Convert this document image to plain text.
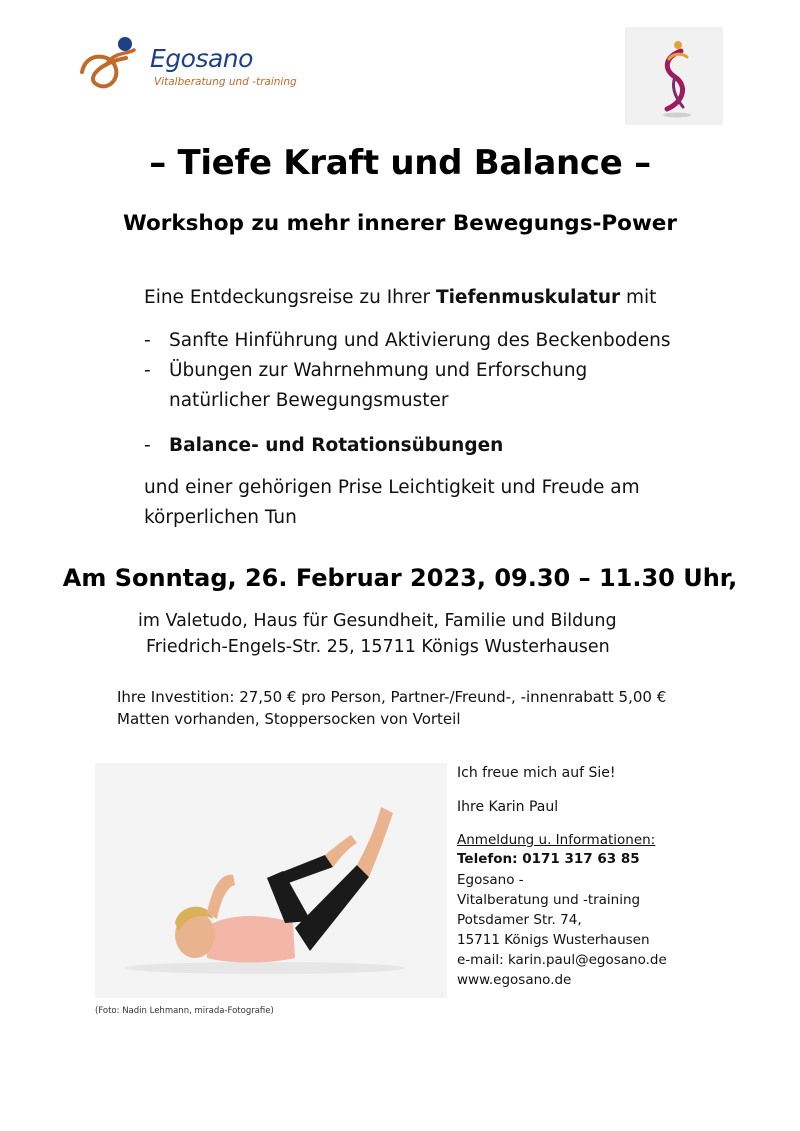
Egosano
Vitalberatung und -training
– Tiefe Kraft und Balance –
Workshop zu mehr innerer Bewegungs-Power
Eine Entdeckungsreise zu Ihrer Tiefenmuskulatur mit
- Sanfte Hinführung und Aktivierung des Beckenbodens
- Übungen zur Wahrnehmung und Erforschung
natürlicher Bewegungsmuster
- Balance- und Rotationsübungen
und einer gehörigen Prise Leichtigkeit und Freude am
körperlichen Tun
Am Sonntag, 26. Februar 2023, 09.30 – 11.30 Uhr,
im Valetudo, Haus für Gesundheit, Familie und Bildung
Friedrich-Engels-Str. 25, 15711 Königs Wusterhausen
Ihre Investition: 27,50 € pro Person, Partner-/Freund-, -innenrabatt 5,00 €
Matten vorhanden, Stoppersocken von Vorteil
(Foto: Nadin Lehmann, mirada-Fotografie)
Ich freue mich auf Sie!
Ihre Karin Paul
Anmeldung u. Informationen:
Telefon: 0171 317 63 85
Egosano -
Vitalberatung und -training
Potsdamer Str. 74,
15711 Königs Wusterhausen
e-mail: karin.paul@egosano.de
www.egosano.de
